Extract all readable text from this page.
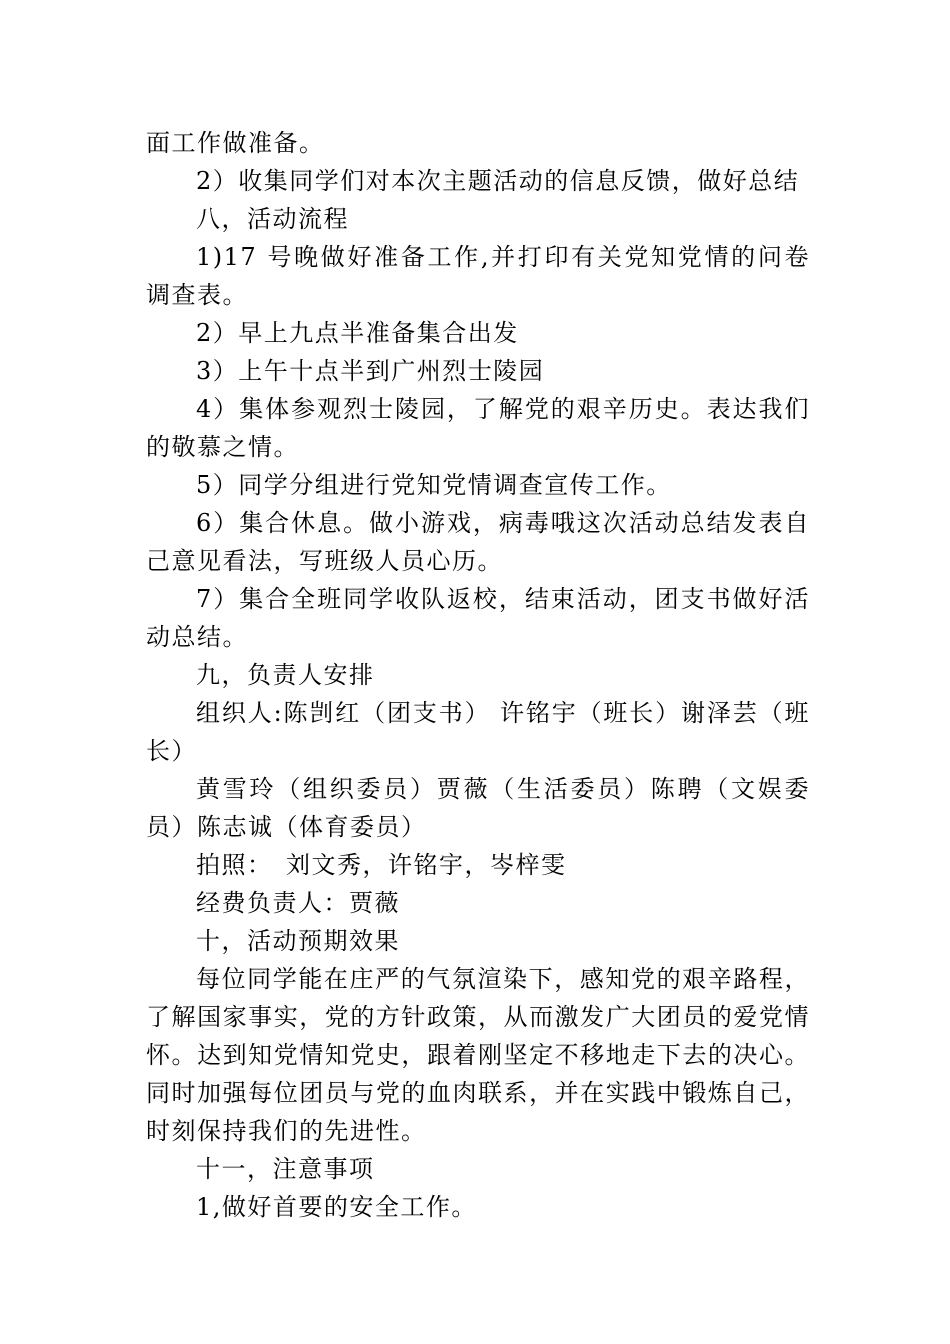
面工作做准备。

2）收集同学们对本次主题活动的信息反馈，做好总结

八，活动流程

1)17 号晚做好准备工作,并打印有关党知党情的问卷调查表。

2）早上九点半准备集合出发

3）上午十点半到广州烈士陵园

4）集体参观烈士陵园，了解党的艰辛历史。表达我们的敬慕之情。

5）同学分组进行党知党情调查宣传工作。

6）集合休息。做小游戏，病毒哦这次活动总结发表自己意见看法，写班级人员心历。

7）集合全班同学收队返校，结束活动，团支书做好活动总结。

九，负责人安排

组织人:陈剀红（团支书） 许铭宇（班长）谢泽芸（班长）

黄雪玲（组织委员）贾薇（生活委员）陈聘（文娱委员）陈志诚（体育委员）

拍照：　刘文秀，许铭宇，岑梓雯

经费负责人：贾薇

十，活动预期效果

每位同学能在庄严的气氛渲染下，感知党的艰辛路程，了解国家事实，党的方针政策，从而激发广大团员的爱党情怀。达到知党情知党史，跟着刚坚定不移地走下去的决心。同时加强每位团员与党的血肉联系，并在实践中锻炼自己，时刻保持我们的先进性。

十一，注意事项

1,做好首要的安全工作。
